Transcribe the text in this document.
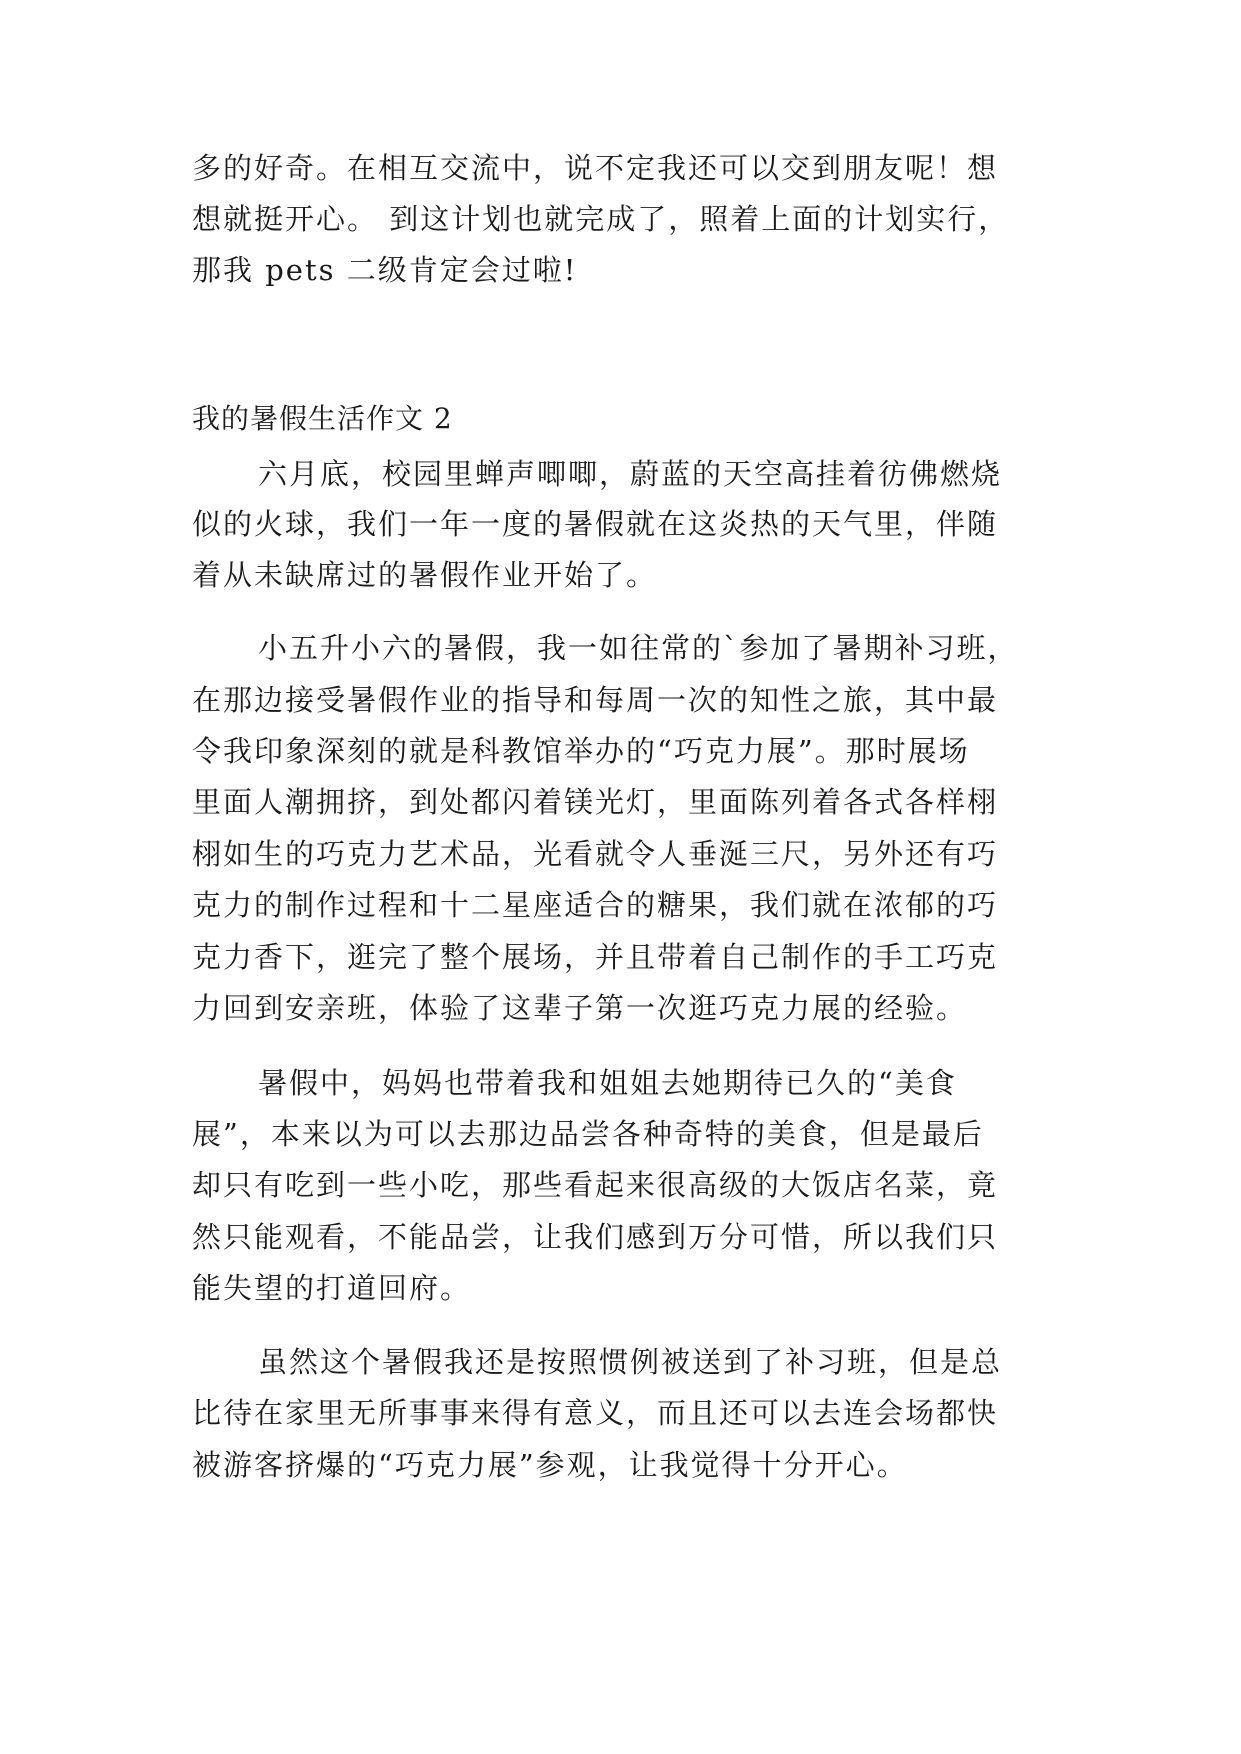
多的好奇。在相互交流中，说不定我还可以交到朋友呢！想

想就挺开心。 到这计划也就完成了，照着上面的计划实行，

那我 pets 二级肯定会过啦!

我的暑假生活作文 2

六月底，校园里蝉声唧唧，蔚蓝的天空高挂着彷佛燃烧

似的火球，我们一年一度的暑假就在这炎热的天气里，伴随

着从未缺席过的暑假作业开始了。

小五升小六的暑假，我一如往常的`参加了暑期补习班，

在那边接受暑假作业的指导和每周一次的知性之旅，其中最

令我印象深刻的就是科教馆举办的“巧克力展”。那时展场

里面人潮拥挤，到处都闪着镁光灯，里面陈列着各式各样栩

栩如生的巧克力艺术品，光看就令人垂涎三尺，另外还有巧

克力的制作过程和十二星座适合的糖果，我们就在浓郁的巧

克力香下，逛完了整个展场，并且带着自己制作的手工巧克

力回到安亲班，体验了这辈子第一次逛巧克力展的经验。

暑假中，妈妈也带着我和姐姐去她期待已久的“美食

展”，本来以为可以去那边品尝各种奇特的美食，但是最后

却只有吃到一些小吃，那些看起来很高级的大饭店名菜，竟

然只能观看，不能品尝，让我们感到万分可惜，所以我们只

能失望的打道回府。

虽然这个暑假我还是按照惯例被送到了补习班，但是总

比待在家里无所事事来得有意义，而且还可以去连会场都快

被游客挤爆的“巧克力展”参观，让我觉得十分开心。
